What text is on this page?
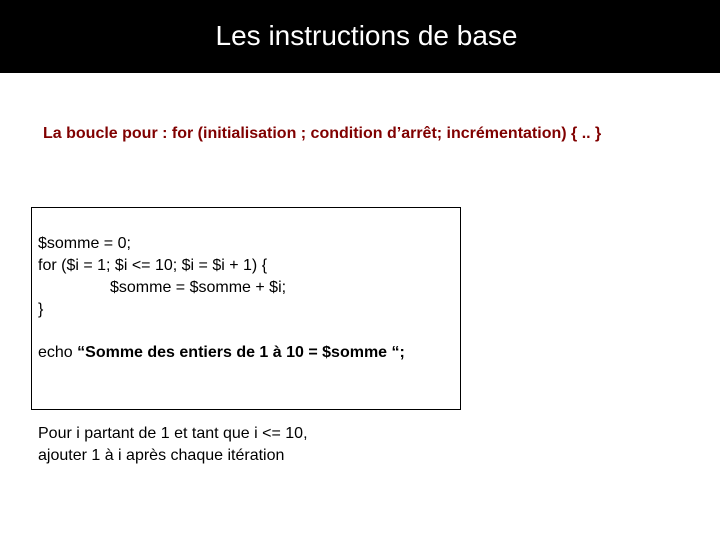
Les instructions de base
La boucle pour : for (initialisation ; condition d’arrêt; incrémentation) { .. }
$somme = 0;
for ($i = 1; $i <= 10; $i = $i + 1) {
$somme = $somme + $i;
}
echo “Somme des entiers de 1 à 10 = $somme “;
Pour i partant de 1 et tant que i <= 10,
ajouter 1 à i après chaque itération
